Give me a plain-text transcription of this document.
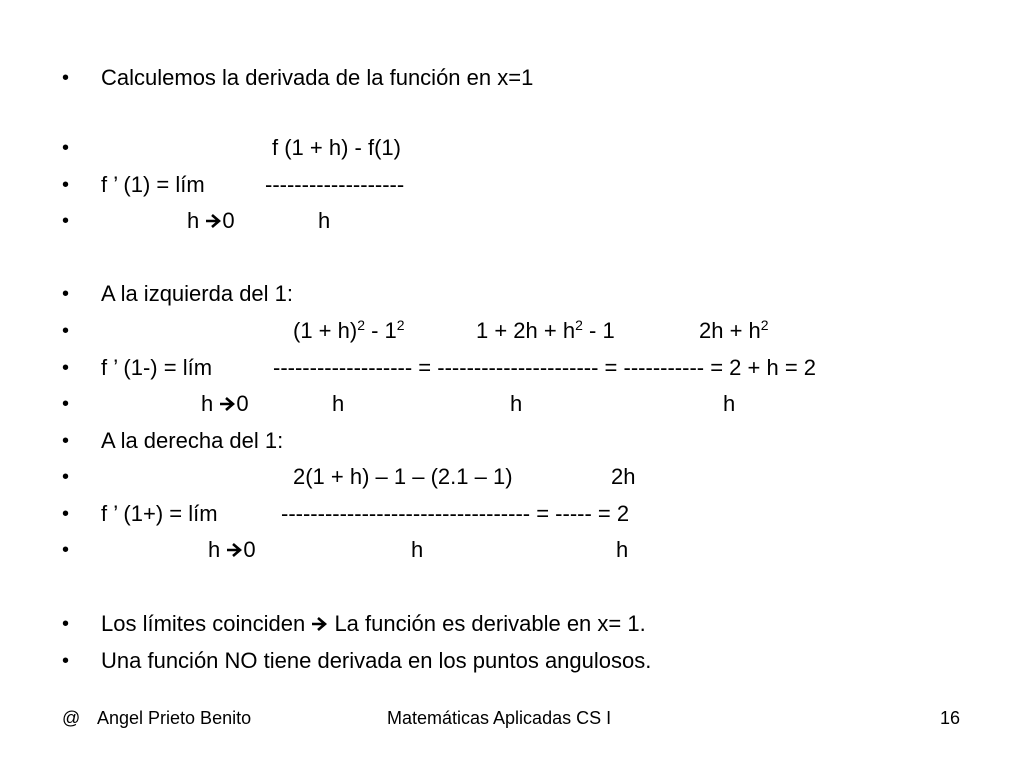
• Calculemos la derivada de la función en x=1
•	f (1 + h) - f(1)
• f ’ (1) = lím	-------------------
•	h 0	h
• A la izquierda del 1:
•	$(1 + h)^2 - 1^2$	$1 + 2h + h^2 - 1$	$2h + h^2$
• f ’ (1-) = lím	------------------- = ---------------------- = ----------- = 2 + h = 2
•	h 0	h	h	h
• A la derecha del 1:
•	2(1 + h) – 1 – (2.1 – 1)	2h
• f ’ (1+) = lím	---------------------------------- = ----- = 2
•	h 0	h	h
• Los límites coinciden  La función es derivable en x= 1.
• Una función NO tiene derivada en los puntos angulosos.
@ Angel Prieto Benito	Matemáticas Aplicadas CS I	16
